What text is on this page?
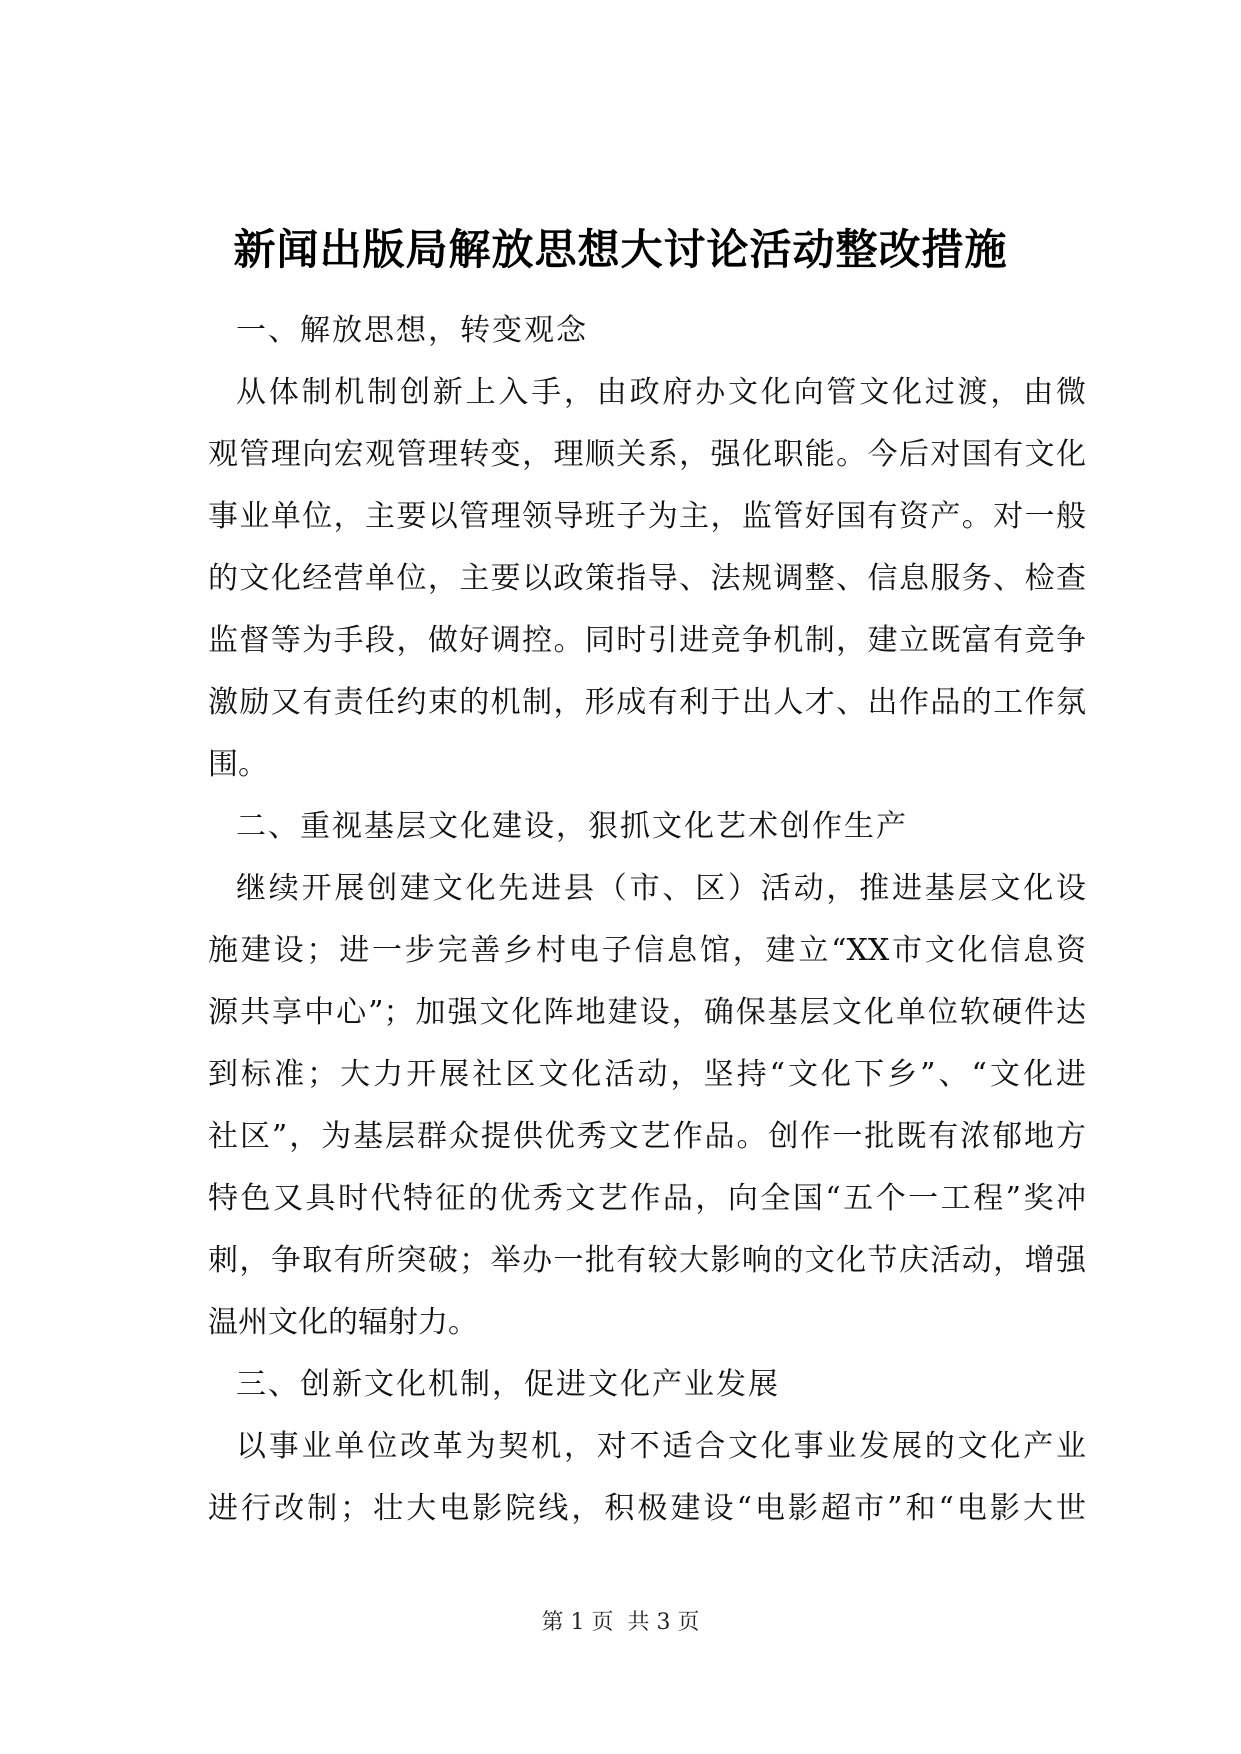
新闻出版局解放思想大讨论活动整改措施

一、解放思想，转变观念

从体制机制创新上入手，由政府办文化向管文化过渡，由微
观管理向宏观管理转变，理顺关系，强化职能。今后对国有文化
事业单位，主要以管理领导班子为主，监管好国有资产。对一般
的文化经营单位，主要以政策指导、法规调整、信息服务、检查
监督等为手段，做好调控。同时引进竞争机制，建立既富有竞争
激励又有责任约束的机制，形成有利于出人才、出作品的工作氛
围。

二、重视基层文化建设，狠抓文化艺术创作生产

继续开展创建文化先进县（市、区）活动，推进基层文化设
施建设；进一步完善乡村电子信息馆，建立“XX市文化信息资
源共享中心”；加强文化阵地建设，确保基层文化单位软硬件达
到标准；大力开展社区文化活动，坚持“文化下乡”、“文化进
社区”，为基层群众提供优秀文艺作品。创作一批既有浓郁地方
特色又具时代特征的优秀文艺作品，向全国“五个一工程”奖冲
刺，争取有所突破；举办一批有较大影响的文化节庆活动，增强
温州文化的辐射力。

三、创新文化机制，促进文化产业发展

以事业单位改革为契机，对不适合文化事业发展的文化产业
进行改制；壮大电影院线，积极建设“电影超市”和“电影大世
第 1 页  共 3 页
